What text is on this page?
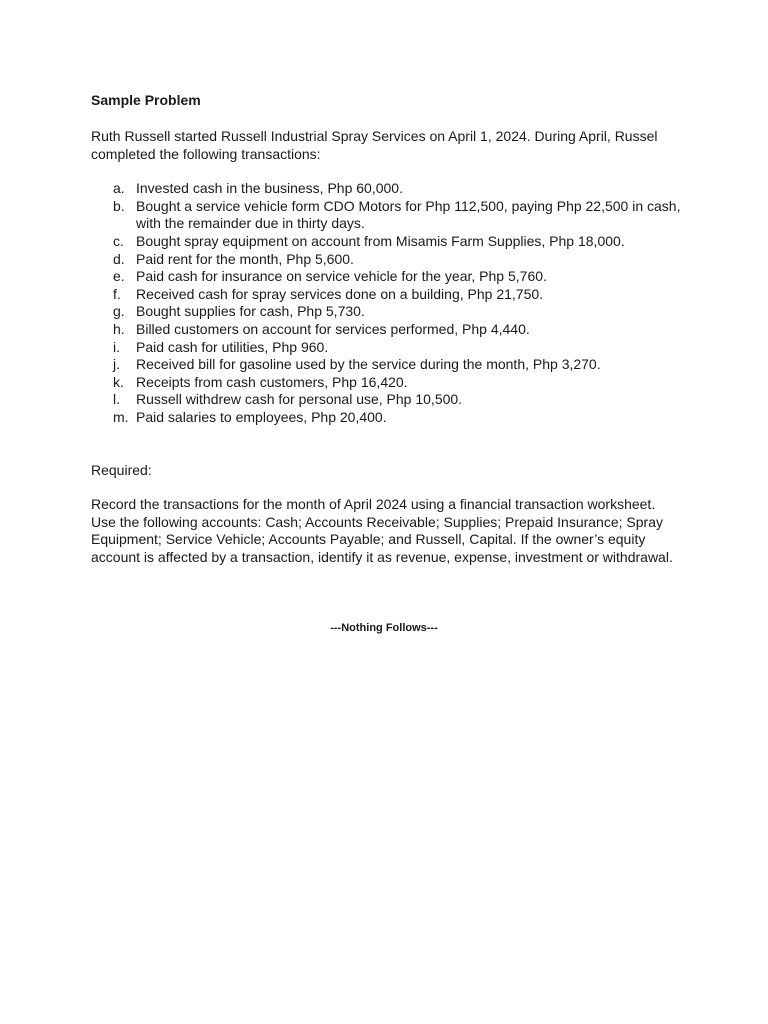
Sample Problem

Ruth Russell started Russell Industrial Spray Services on April 1, 2024. During April, Russel completed the following transactions:

a. Invested cash in the business, Php 60,000.
b. Bought a service vehicle form CDO Motors for Php 112,500, paying Php 22,500 in cash, with the remainder due in thirty days.
c. Bought spray equipment on account from Misamis Farm Supplies, Php 18,000.
d. Paid rent for the month, Php 5,600.
e. Paid cash for insurance on service vehicle for the year, Php 5,760.
f. Received cash for spray services done on a building, Php 21,750.
g. Bought supplies for cash, Php 5,730.
h. Billed customers on account for services performed, Php 4,440.
i. Paid cash for utilities, Php 960.
j. Received bill for gasoline used by the service during the month, Php 3,270.
k. Receipts from cash customers, Php 16,420.
l. Russell withdrew cash for personal use, Php 10,500.
m. Paid salaries to employees, Php 20,400.

Required:

Record the transactions for the month of April 2024 using a financial transaction worksheet. Use the following accounts: Cash; Accounts Receivable; Supplies; Prepaid Insurance; Spray Equipment; Service Vehicle; Accounts Payable; and Russell, Capital. If the owner’s equity account is affected by a transaction, identify it as revenue, expense, investment or withdrawal.

---Nothing Follows---
